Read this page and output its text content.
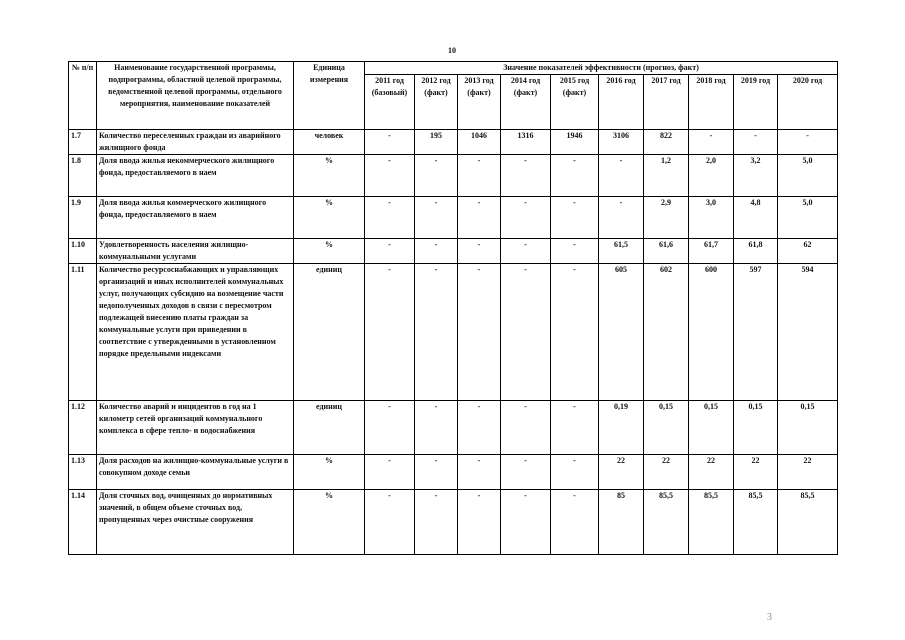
10
№ п/п	Наименование государственной программы, подпрограммы, областной целевой программы, ведомственной целевой программы, отдельного мероприятия, наименование показателей	Единица измерения	Значение показателей эффективности (прогноз, факт)									
			2011 год (базовый)	2012 год (факт)	2013 год (факт)	2014 год (факт)	2015 год (факт)	2016 год	2017 год	2018 год	2019 год	2020 год
1.7	Количество переселенных граждан из аварийного жилищного фонда	человек	-	195	1046	1316	1946	3106	822	-	-	-
1.8	Доля ввода жилья некоммерческого жилищного фонда, предоставляемого в наем	%	-	-	-	-	-	-	1,2	2,0	3,2	5,0
1.9	Доля ввода жилья коммерческого жилищного фонда, предоставляемого в наем	%	-	-	-	-	-	-	2,9	3,0	4,8	5,0
1.10	Удовлетворенность населения жилищно-коммунальными услугами	%	-	-	-	-	-	61,5	61,6	61,7	61,8	62
1.11	Количество ресурсоснабжающих и управляющих организаций и иных исполнителей коммунальных услуг, получающих субсидию на возмещение части недополученных доходов в связи с пересмотром подлежащей внесению платы граждан за коммунальные услуги при приведении в соответствие с утвержденными в установленном порядке предельными индексами	единиц	-	-	-	-	-	605	602	600	597	594
1.12	Количество аварий и инцидентов в год на 1 километр сетей организаций коммунального комплекса в сфере тепло- и водоснабжения	единиц	-	-	-	-	-	0,19	0,15	0,15	0,15	0,15
1.13	Доля расходов на жилищно-коммунальные услуги в совокупном доходе семьи	%	-	-	-	-	-	22	22	22	22	22
1.14	Доля сточных вод, очищенных до нормативных значений, в общем объеме сточных вод, пропущенных через очистные сооружения	%	-	-	-	-	-	85	85,5	85,5	85,5	85,5
3
